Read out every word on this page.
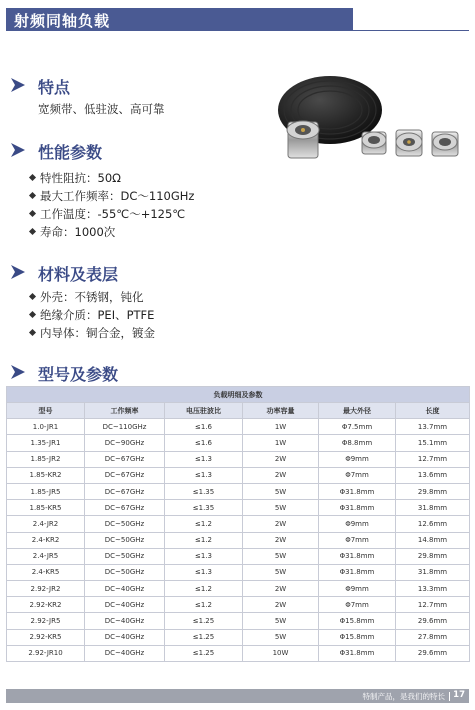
射频同轴负载
特点
宽频带、低驻波、高可靠
性能参数
特性阻抗：50Ω
最大工作频率：DC～110GHz
工作温度：-55℃～+125℃
寿命：1000次
材料及表层
外壳：不锈钢，钝化
绝缘介质：PEI、PTFE
内导体：铜合金，镀金
型号及参数
负载明细及参数					
型号	工作频率	电压驻波比	功率容量	最大外径	长度
1.0-JR1	DC~110GHz	≤1.6	1W	Φ7.5mm	13.7mm
1.35-JR1	DC~90GHz	≤1.6	1W	Φ8.8mm	15.1mm
1.85-JR2	DC~67GHz	≤1.3	2W	Φ9mm	12.7mm
1.85-KR2	DC~67GHz	≤1.3	2W	Φ7mm	13.6mm
1.85-JR5	DC~67GHz	≤1.35	5W	Φ31.8mm	29.8mm
1.85-KR5	DC~67GHz	≤1.35	5W	Φ31.8mm	31.8mm
2.4-JR2	DC~50GHz	≤1.2	2W	Φ9mm	12.6mm
2.4-KR2	DC~50GHz	≤1.2	2W	Φ7mm	14.8mm
2.4-JR5	DC~50GHz	≤1.3	5W	Φ31.8mm	29.8mm
2.4-KR5	DC~50GHz	≤1.3	5W	Φ31.8mm	31.8mm
2.92-JR2	DC~40GHz	≤1.2	2W	Φ9mm	13.3mm
2.92-KR2	DC~40GHz	≤1.2	2W	Φ7mm	12.7mm
2.92-JR5	DC~40GHz	≤1.25	5W	Φ15.8mm	29.6mm
2.92-KR5	DC~40GHz	≤1.25	5W	Φ15.8mm	27.8mm
2.92-JR10	DC~40GHz	≤1.25	10W	Φ31.8mm	29.6mm
特制产品，是我们的特长 17
